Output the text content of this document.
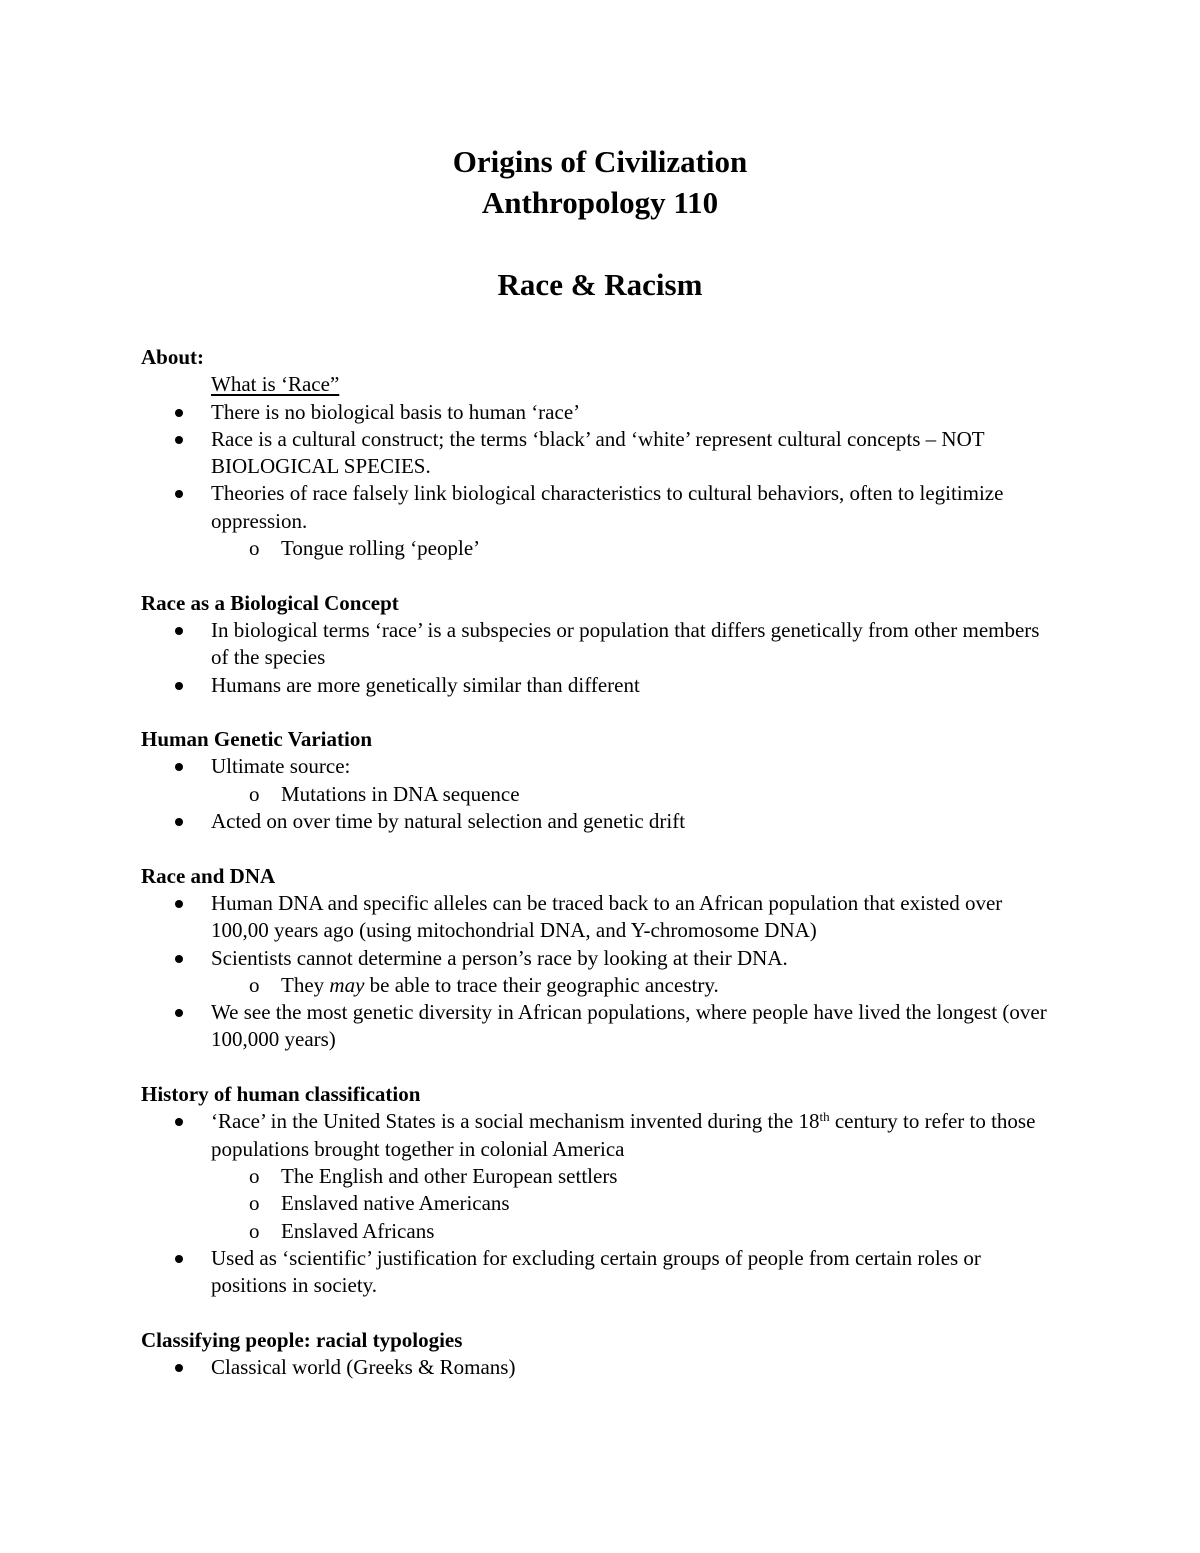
Origins of Civilization
Anthropology 110
Race & Racism
About:
What is ‘Race”
There is no biological basis to human ‘race’
Race is a cultural construct; the terms ‘black’ and ‘white’ represent cultural concepts – NOT BIOLOGICAL SPECIES.
Theories of race falsely link biological characteristics to cultural behaviors, often to legitimize oppression.
o	Tongue rolling ‘people’
Race as a Biological Concept
In biological terms ‘race’ is a subspecies or population that differs genetically from other members of the species
Humans are more genetically similar than different
Human Genetic Variation
Ultimate source:
o	Mutations in DNA sequence
Acted on over time by natural selection and genetic drift
Race and DNA
Human DNA and specific alleles can be traced back to an African population that existed over 100,00 years ago (using mitochondrial DNA, and Y-chromosome DNA)
Scientists cannot determine a person’s race by looking at their DNA.
o	They may be able to trace their geographic ancestry.
We see the most genetic diversity in African populations, where people have lived the longest (over 100,000 years)
History of human classification
‘Race’ in the United States is a social mechanism invented during the 18th century to refer to those populations brought together in colonial America
o	The English and other European settlers
o	Enslaved native Americans
o	Enslaved Africans
Used as ‘scientific’ justification for excluding certain groups of people from certain roles or positions in society.
Classifying people: racial typologies
Classical world (Greeks & Romans)
